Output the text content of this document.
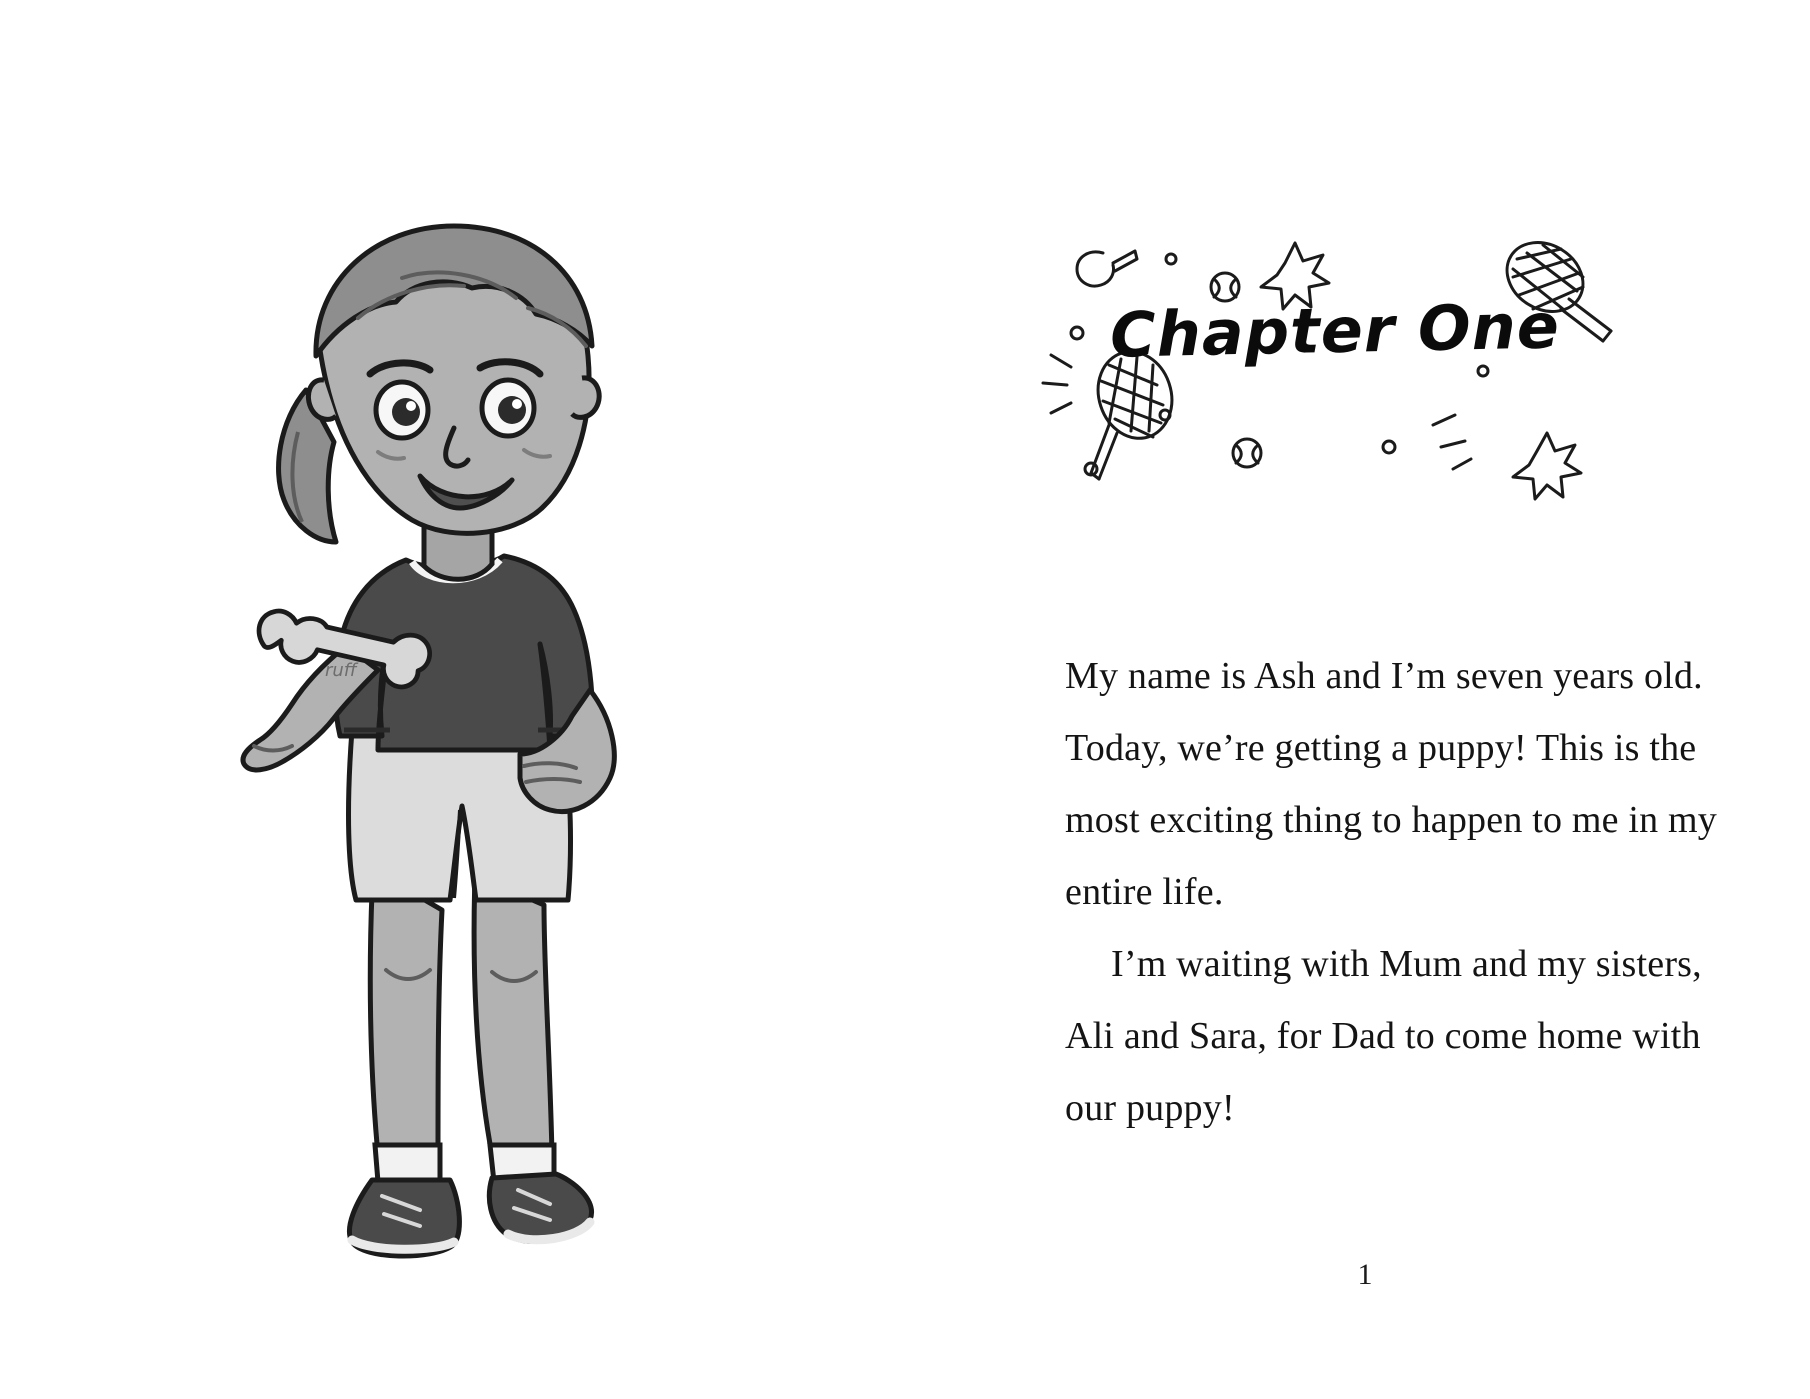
ruff
Chapter One

My name is Ash and I’m seven years old. Today, we’re getting a puppy! This is the most exciting thing to happen to me in my entire life.

I’m waiting with Mum and my sisters, Ali and Sara, for Dad to come home with our puppy!

1
